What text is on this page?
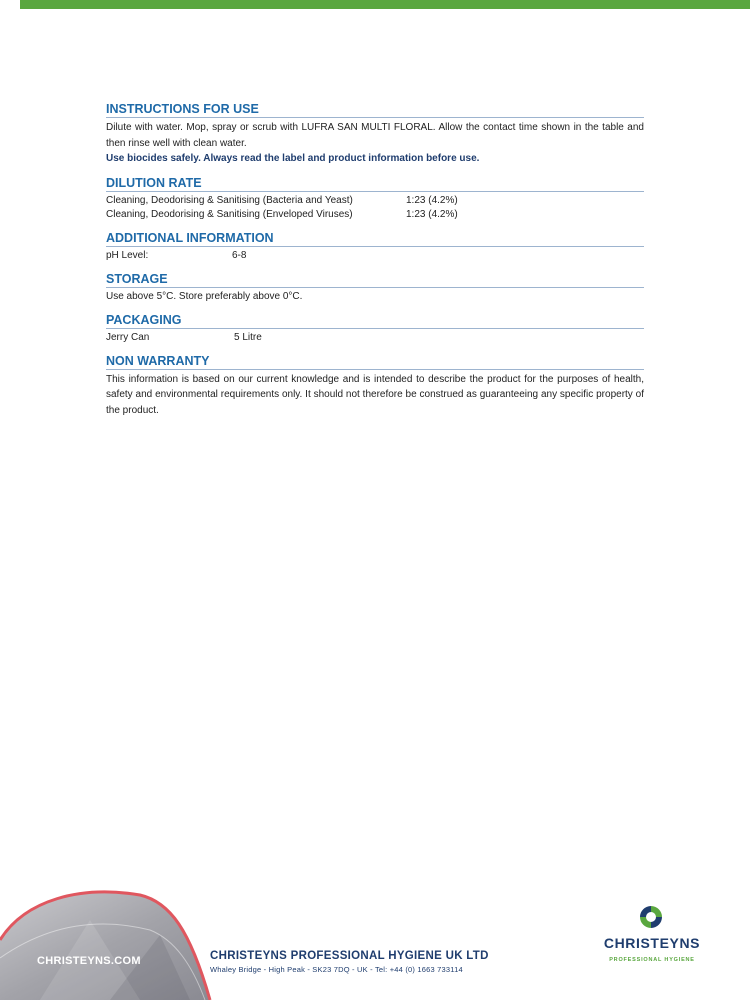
INSTRUCTIONS FOR USE
Dilute with water. Mop, spray or scrub with LUFRA SAN MULTI FLORAL. Allow the contact time shown in the table and then rinse well with clean water.
Use biocides safely. Always read the label and product information before use.
DILUTION RATE
Cleaning, Deodorising & Sanitising (Bacteria and Yeast)	1:23 (4.2%)
Cleaning, Deodorising & Sanitising (Enveloped Viruses)	1:23 (4.2%)
ADDITIONAL INFORMATION
pH Level:	6-8
STORAGE
Use above 5°C. Store preferably above 0°C.
PACKAGING
Jerry Can	5 Litre
NON WARRANTY
This information is based on our current knowledge and is intended to describe the product for the purposes of health, safety and environmental requirements only. It should not therefore be construed as guaranteeing any specific property of the product.
CHRISTEYNS.COM	CHRISTEYNS PROFESSIONAL HYGIENE UK LTD
Whaley Bridge - High Peak - SK23 7DQ - UK - Tel: +44 (0) 1663 733114
CHRISTEYNS
PROFESSIONAL HYGIENE
